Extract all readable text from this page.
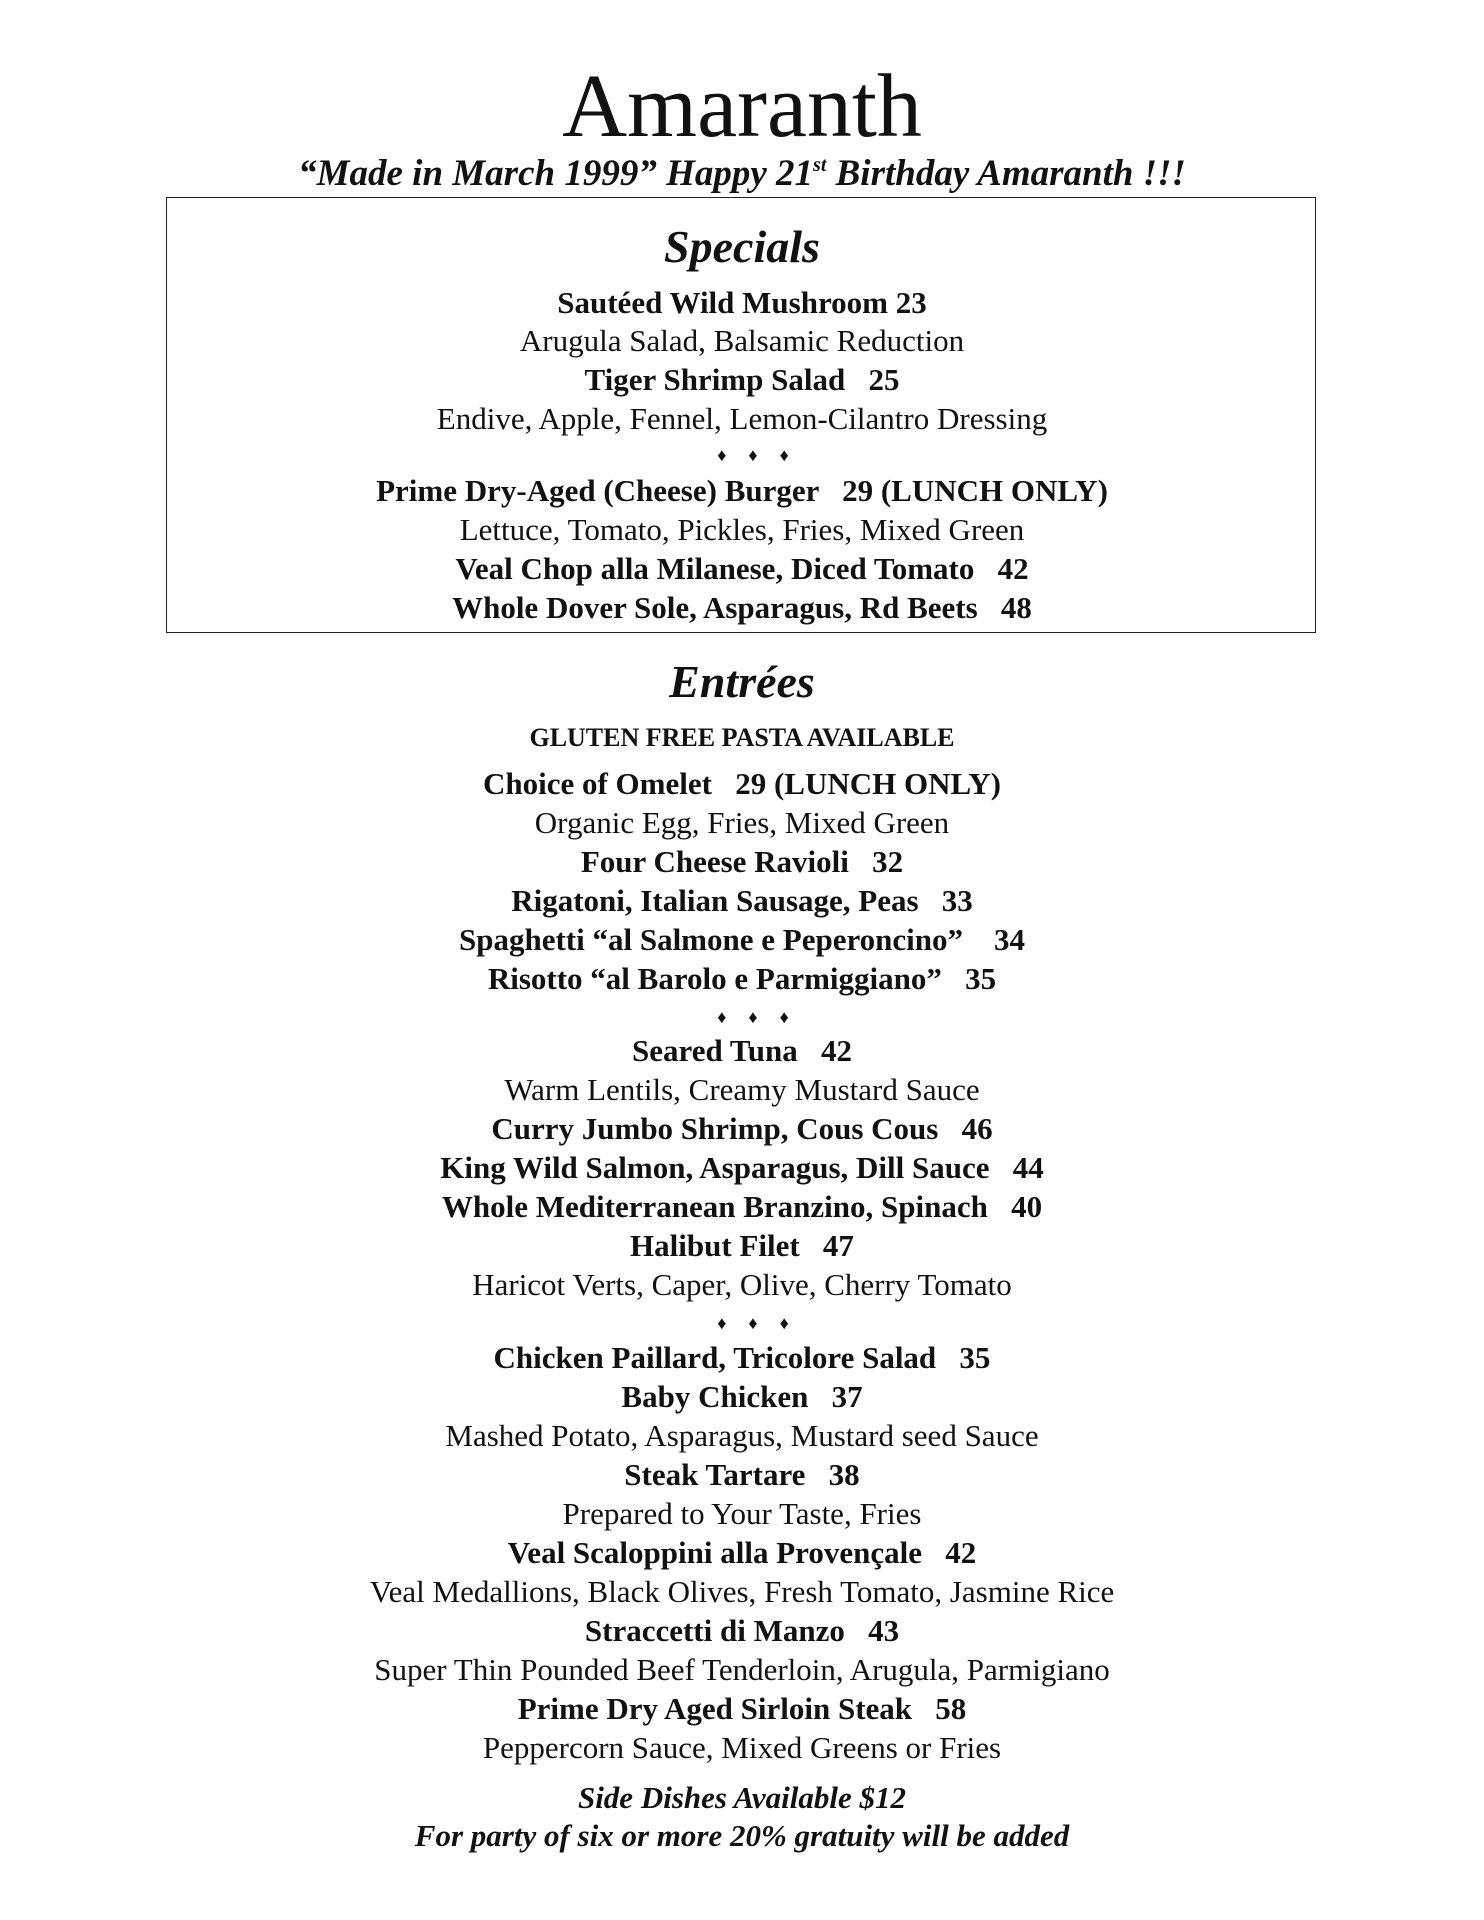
Amaranth
“Made in March 1999” Happy 21st Birthday Amaranth !!!
Specials
Sautéed Wild Mushroom 23
Arugula Salad, Balsamic Reduction
Tiger Shrimp Salad   25
Endive, Apple, Fennel, Lemon-Cilantro Dressing
♦♦♦
Prime Dry-Aged (Cheese) Burger   29 (LUNCH ONLY)
Lettuce, Tomato, Pickles, Fries, Mixed Green
Veal Chop alla Milanese, Diced Tomato   42
Whole Dover Sole, Asparagus, Rd Beets   48
Entrées
GLUTEN FREE PASTA AVAILABLE
Choice of Omelet   29 (LUNCH ONLY)
Organic Egg, Fries, Mixed Green
Four Cheese Ravioli   32
Rigatoni, Italian Sausage, Peas   33
Spaghetti “al Salmone e Peperoncino”    34
Risotto “al Barolo e Parmiggiano”   35
♦♦♦
Seared Tuna   42
Warm Lentils, Creamy Mustard Sauce
Curry Jumbo Shrimp, Cous Cous   46
King Wild Salmon, Asparagus, Dill Sauce   44
Whole Mediterranean Branzino, Spinach   40
Halibut Filet   47
Haricot Verts, Caper, Olive, Cherry Tomato
♦♦♦
Chicken Paillard, Tricolore Salad   35
Baby Chicken   37
Mashed Potato, Asparagus, Mustard seed Sauce
Steak Tartare   38
Prepared to Your Taste, Fries
Veal Scaloppini alla Provençale   42
Veal Medallions, Black Olives, Fresh Tomato, Jasmine Rice
Straccetti di Manzo   43
Super Thin Pounded Beef Tenderloin, Arugula, Parmigiano
Prime Dry Aged Sirloin Steak   58
Peppercorn Sauce, Mixed Greens or Fries
Side Dishes Available $12
For party of six or more 20% gratuity will be added
